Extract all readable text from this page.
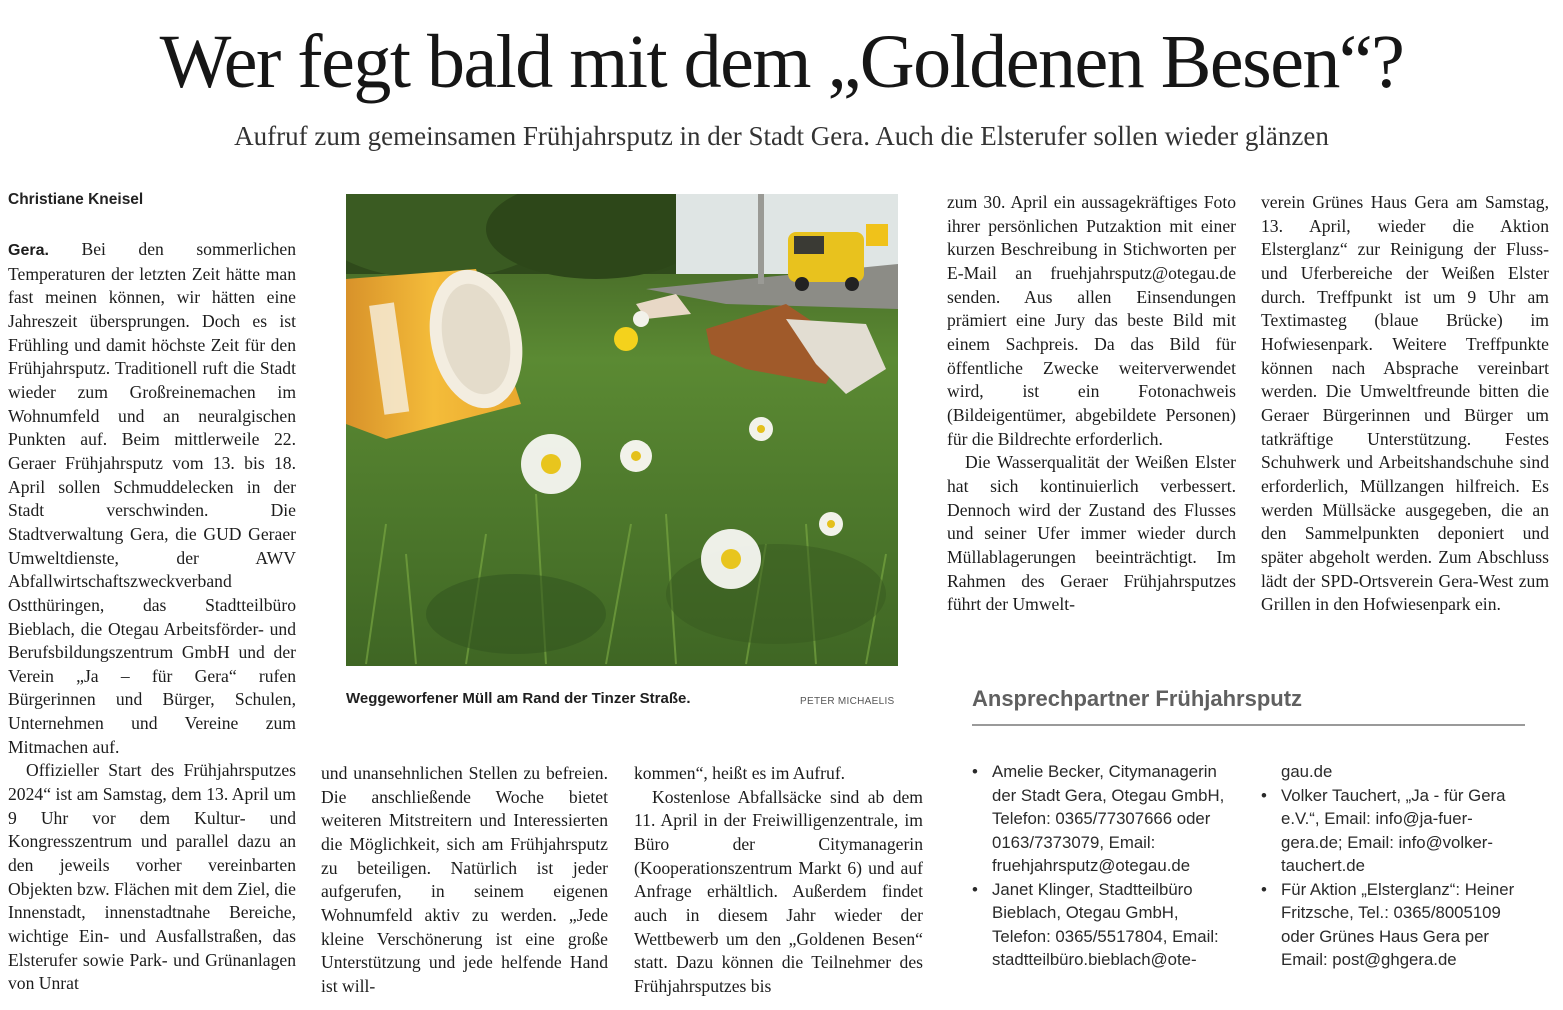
Wer fegt bald mit dem „Goldenen Besen“?
Aufruf zum gemeinsamen Frühjahrsputz in der Stadt Gera. Auch die Elsterufer sollen wieder glänzen
Christiane Kneisel

Gera. Bei den sommerlichen Temperaturen der letzten Zeit hätte man fast meinen können, wir hätten eine Jahreszeit übersprungen. Doch es ist Frühling und damit höchste Zeit für den Frühjahrsputz. Traditionell ruft die Stadt wieder zum Großreinemachen im Wohnumfeld und an neuralgischen Punkten auf. Beim mittlerweile 22. Geraer Frühjahrsputz vom 13. bis 18. April sollen Schmuddelecken in der Stadt verschwinden. Die Stadtverwaltung Gera, die GUD Geraer Umweltdienste, der AWV Abfallwirtschaftszweckverband Ostthüringen, das Stadtteilbüro Bieblach, die Otegau Arbeitsförder- und Berufsbildungszentrum GmbH und der Verein „Ja – für Gera“ rufen Bürgerinnen und Bürger, Schulen, Unternehmen und Vereine zum Mitmachen auf.

Offizieller Start des Frühjahrsputzes 2024“ ist am Samstag, dem 13. April um 9 Uhr vor dem Kultur- und Kongresszentrum und parallel dazu an den jeweils vorher vereinbarten Objekten bzw. Flächen mit dem Ziel, die Innenstadt, innenstadtnahe Bereiche, wichtige Ein- und Ausfallstraßen, das Elsterufer sowie Park- und Grünanlagen von Unrat

Weggeworfener Müll am Rand der Tinzer Straße.	PETER MICHAELIS

und unansehnlichen Stellen zu befreien. Die anschließende Woche bietet weiteren Mitstreitern und Interessierten die Möglichkeit, sich am Frühjahrsputz zu beteiligen. Natürlich ist jeder aufgerufen, in seinem eigenen Wohnumfeld aktiv zu werden. „Jede kleine Verschönerung ist eine große Unterstützung und jede helfende Hand ist will-

kommen“, heißt es im Aufruf.

Kostenlose Abfallsäcke sind ab dem 11. April in der Freiwilligenzentrale, im Büro der Citymanagerin (Kooperationszentrum Markt 6) und auf Anfrage erhältlich. Außerdem findet auch in diesem Jahr wieder der Wettbewerb um den „Goldenen Besen“ statt. Dazu können die Teilnehmer des Frühjahrsputzes bis

zum 30. April ein aussagekräftiges Foto ihrer persönlichen Putzaktion mit einer kurzen Beschreibung in Stichworten per E-Mail an fruehjahrsputz@otegau.de senden. Aus allen Einsendungen prämiert eine Jury das beste Bild mit einem Sachpreis. Da das Bild für öffentliche Zwecke weiterverwendet wird, ist ein Fotonachweis (Bildeigentümer, abgebildete Personen) für die Bildrechte erforderlich.

Die Wasserqualität der Weißen Elster hat sich kontinuierlich verbessert. Dennoch wird der Zustand des Flusses und seiner Ufer immer wieder durch Müllablagerungen beeinträchtigt. Im Rahmen des Geraer Frühjahrsputzes führt der Umwelt-

verein Grünes Haus Gera am Samstag, 13. April, wieder die Aktion Elsterglanz“ zur Reinigung der Fluss- und Uferbereiche der Weißen Elster durch. Treffpunkt ist um 9 Uhr am Textimasteg (blaue Brücke) im Hofwiesenpark. Weitere Treffpunkte können nach Absprache vereinbart werden. Die Umweltfreunde bitten die Geraer Bürgerinnen und Bürger um tatkräftige Unterstützung. Festes Schuhwerk und Arbeitshandschuhe sind erforderlich, Müllzangen hilfreich. Es werden Müllsäcke ausgegeben, die an den Sammelpunkten deponiert und später abgeholt werden. Zum Abschluss lädt der SPD-Ortsverein Gera-West zum Grillen in den Hofwiesenpark ein.

Ansprechpartner Frühjahrsputz
• Amelie Becker, Citymanagerin der Stadt Gera, Otegau GmbH, Telefon: 0365/77307666 oder 0163/7373079, Email: fruehjahrsputz@otegau.de
• Janet Klinger, Stadtteilbüro Bieblach, Otegau GmbH, Telefon: 0365/5517804, Email: stadtteilbüro.bieblach@ote-
gau.de
• Volker Tauchert, „Ja - für Gera e.V.“, Email: info@ja-fuer-gera.de; Email: info@volker-tauchert.de
• Für Aktion „Elsterglanz“: Heiner Fritzsche, Tel.: 0365/8005109 oder Grünes Haus Gera per Email: post@ghgera.de
